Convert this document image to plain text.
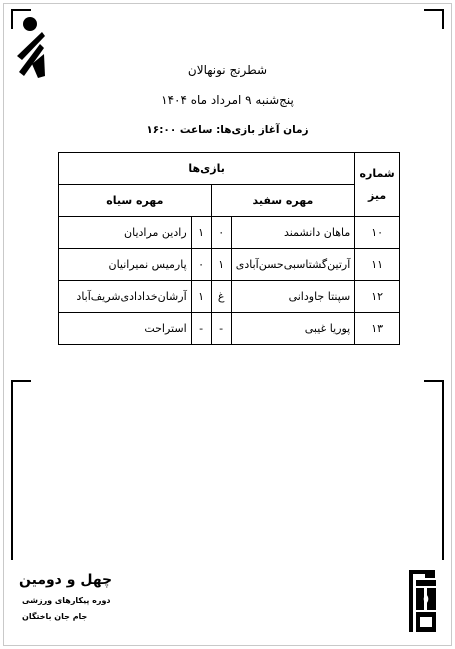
شطرنج نونهالان
پنج‌شنبه ۹ امرداد ماه ۱۴۰۴
زمان آغاز بازی‌ها: ساعت ۱۶:۰۰
شماره میز	بازی‌ها			
	مهره سفید		مهره سیاه	
۱۰	ماهان دانشمند	۰	۱	رادین مرادیان
۱۱	آرتین‌گشتاسبی‌حسن‌آبادی	۱	۰	پارمیس نمیرانیان
۱۲	سپنتا جاودانی	غ	۱	آرشان‌خدادادی‌شریف‌آباد
۱۳	پوریا غیبی	-	-	استراحت
چهل و دومین
دوره پیکارهای ورزشی
جام جان باختگان
